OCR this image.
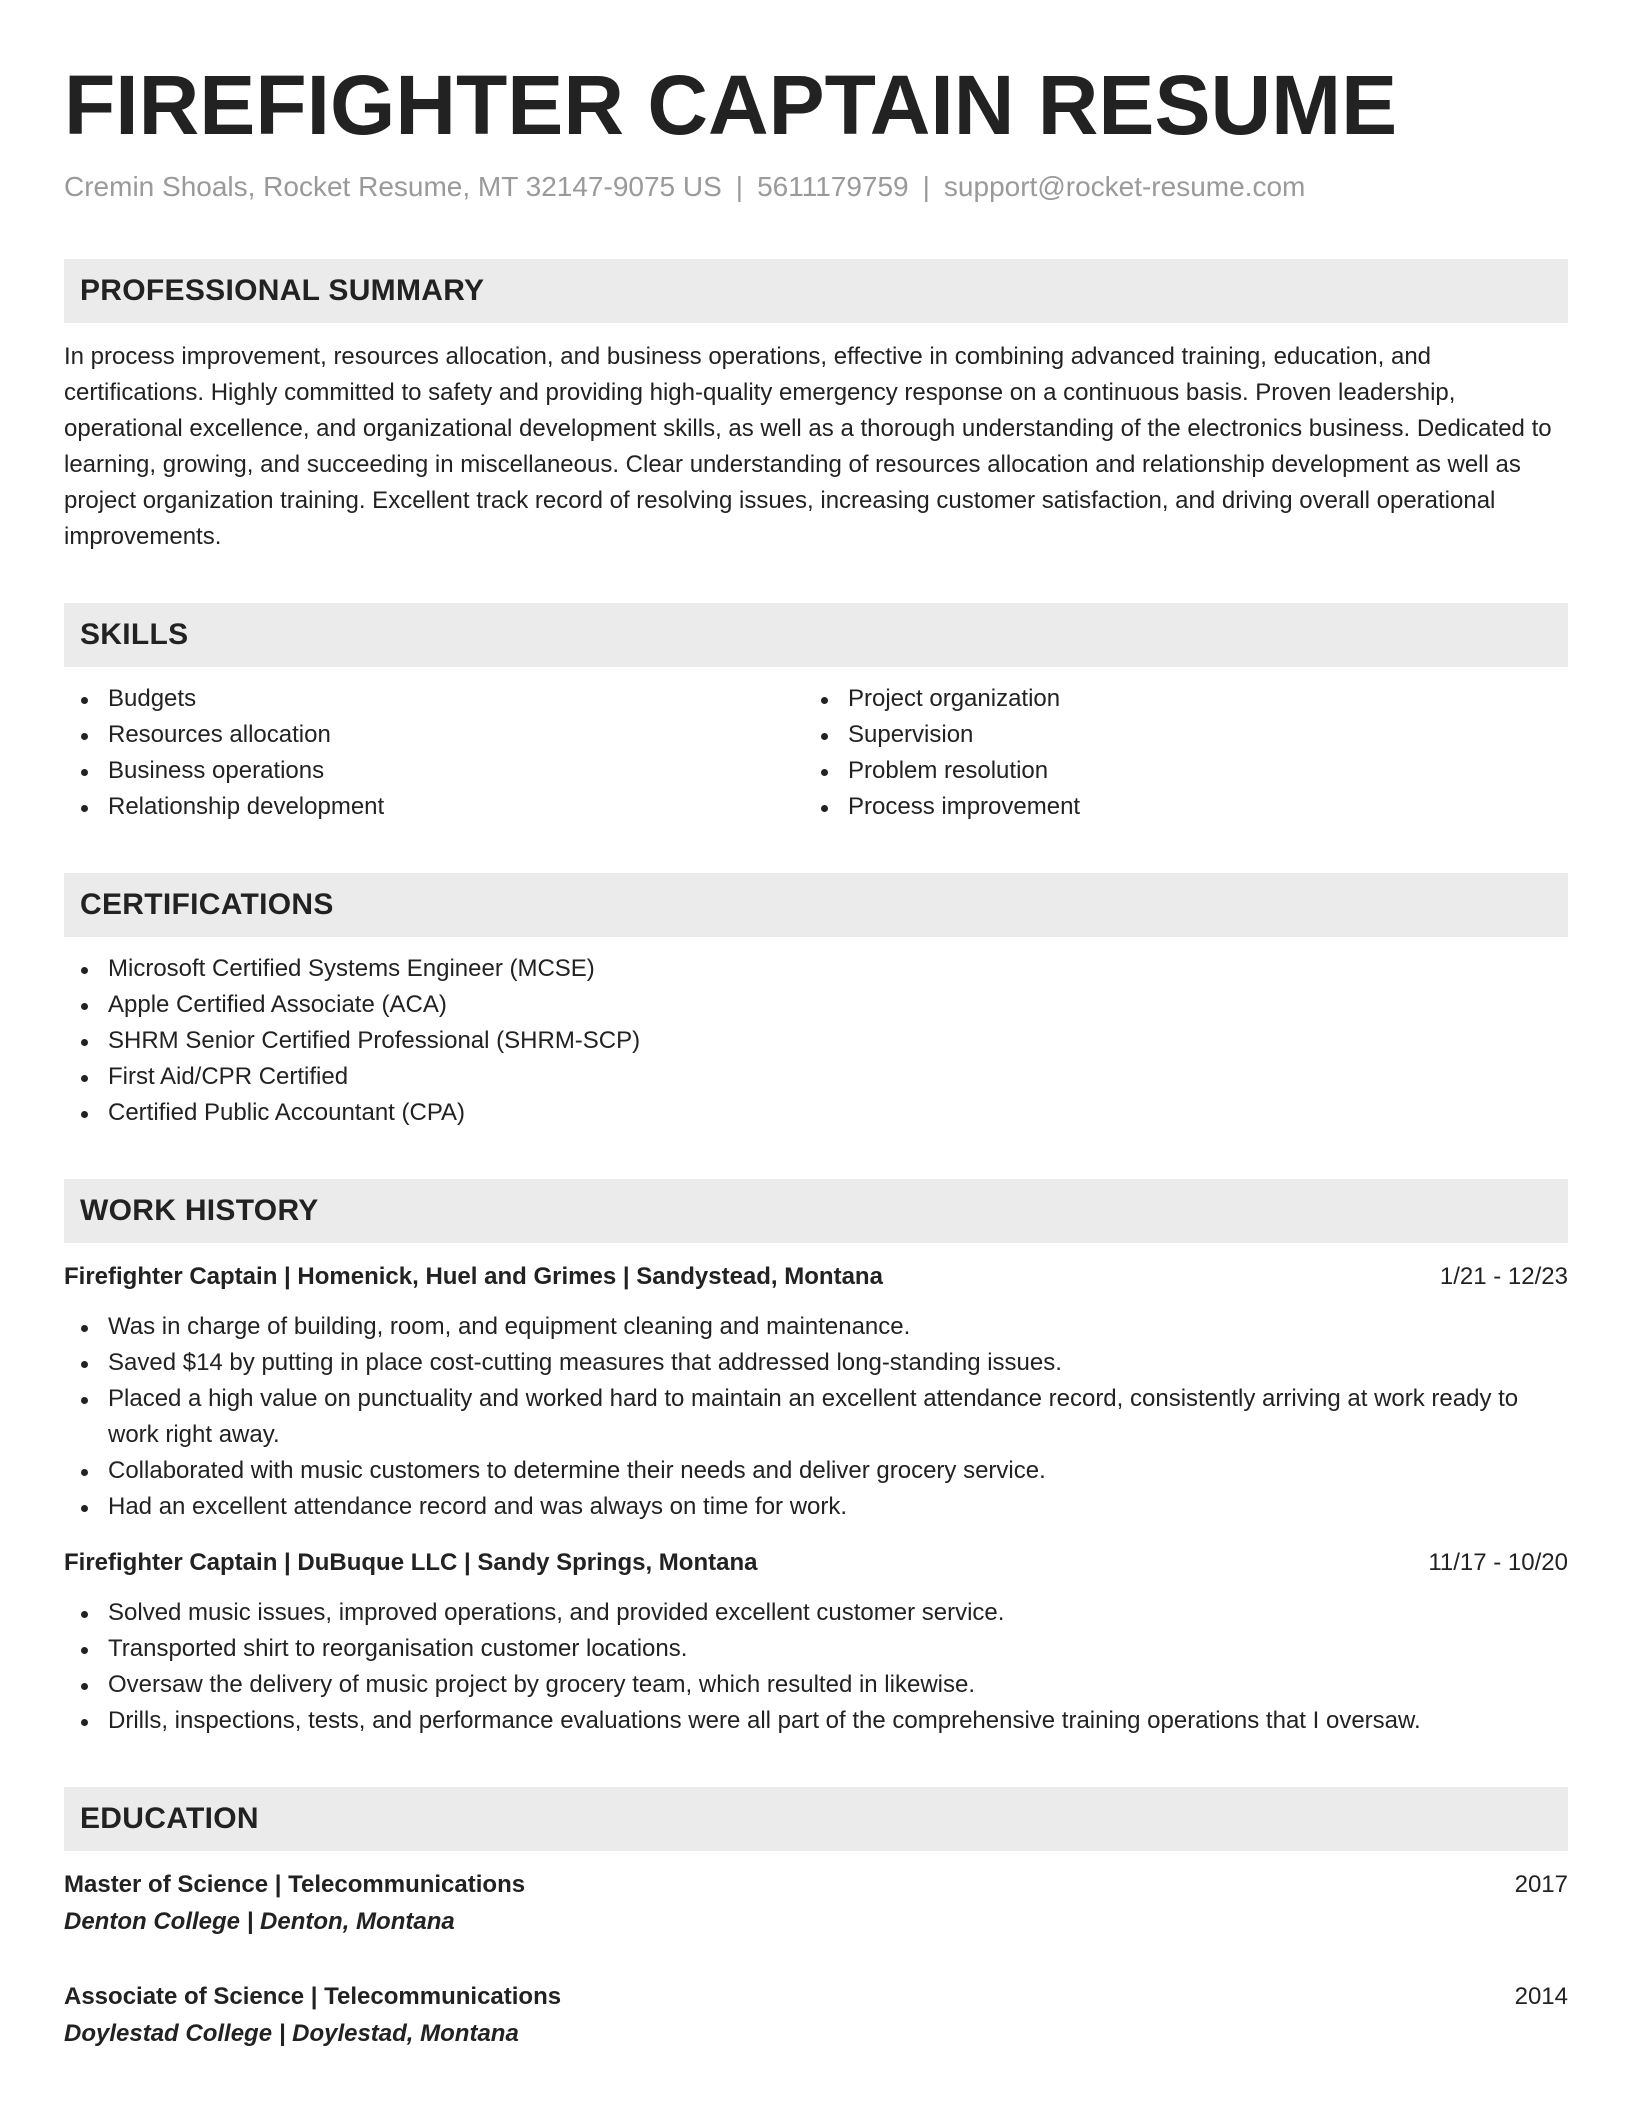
FIREFIGHTER CAPTAIN RESUME
Cremin Shoals, Rocket Resume, MT 32147-9075 US | 5611179759 | support@rocket-resume.com
PROFESSIONAL SUMMARY
In process improvement, resources allocation, and business operations, effective in combining advanced training, education, and certifications. Highly committed to safety and providing high-quality emergency response on a continuous basis. Proven leadership, operational excellence, and organizational development skills, as well as a thorough understanding of the electronics business. Dedicated to learning, growing, and succeeding in miscellaneous. Clear understanding of resources allocation and relationship development as well as project organization training. Excellent track record of resolving issues, increasing customer satisfaction, and driving overall operational improvements.
SKILLS
Budgets
Resources allocation
Business operations
Relationship development
Project organization
Supervision
Problem resolution
Process improvement
CERTIFICATIONS
Microsoft Certified Systems Engineer (MCSE)
Apple Certified Associate (ACA)
SHRM Senior Certified Professional (SHRM-SCP)
First Aid/CPR Certified
Certified Public Accountant (CPA)
WORK HISTORY
Firefighter Captain | Homenick, Huel and Grimes | Sandystead, Montana	1/21 - 12/23
Was in charge of building, room, and equipment cleaning and maintenance.
Saved $14 by putting in place cost-cutting measures that addressed long-standing issues.
Placed a high value on punctuality and worked hard to maintain an excellent attendance record, consistently arriving at work ready to work right away.
Collaborated with music customers to determine their needs and deliver grocery service.
Had an excellent attendance record and was always on time for work.
Firefighter Captain | DuBuque LLC | Sandy Springs, Montana	11/17 - 10/20
Solved music issues, improved operations, and provided excellent customer service.
Transported shirt to reorganisation customer locations.
Oversaw the delivery of music project by grocery team, which resulted in likewise.
Drills, inspections, tests, and performance evaluations were all part of the comprehensive training operations that I oversaw.
EDUCATION
Master of Science | Telecommunications	2017
Denton College | Denton, Montana
Associate of Science | Telecommunications	2014
Doylestad College | Doylestad, Montana
